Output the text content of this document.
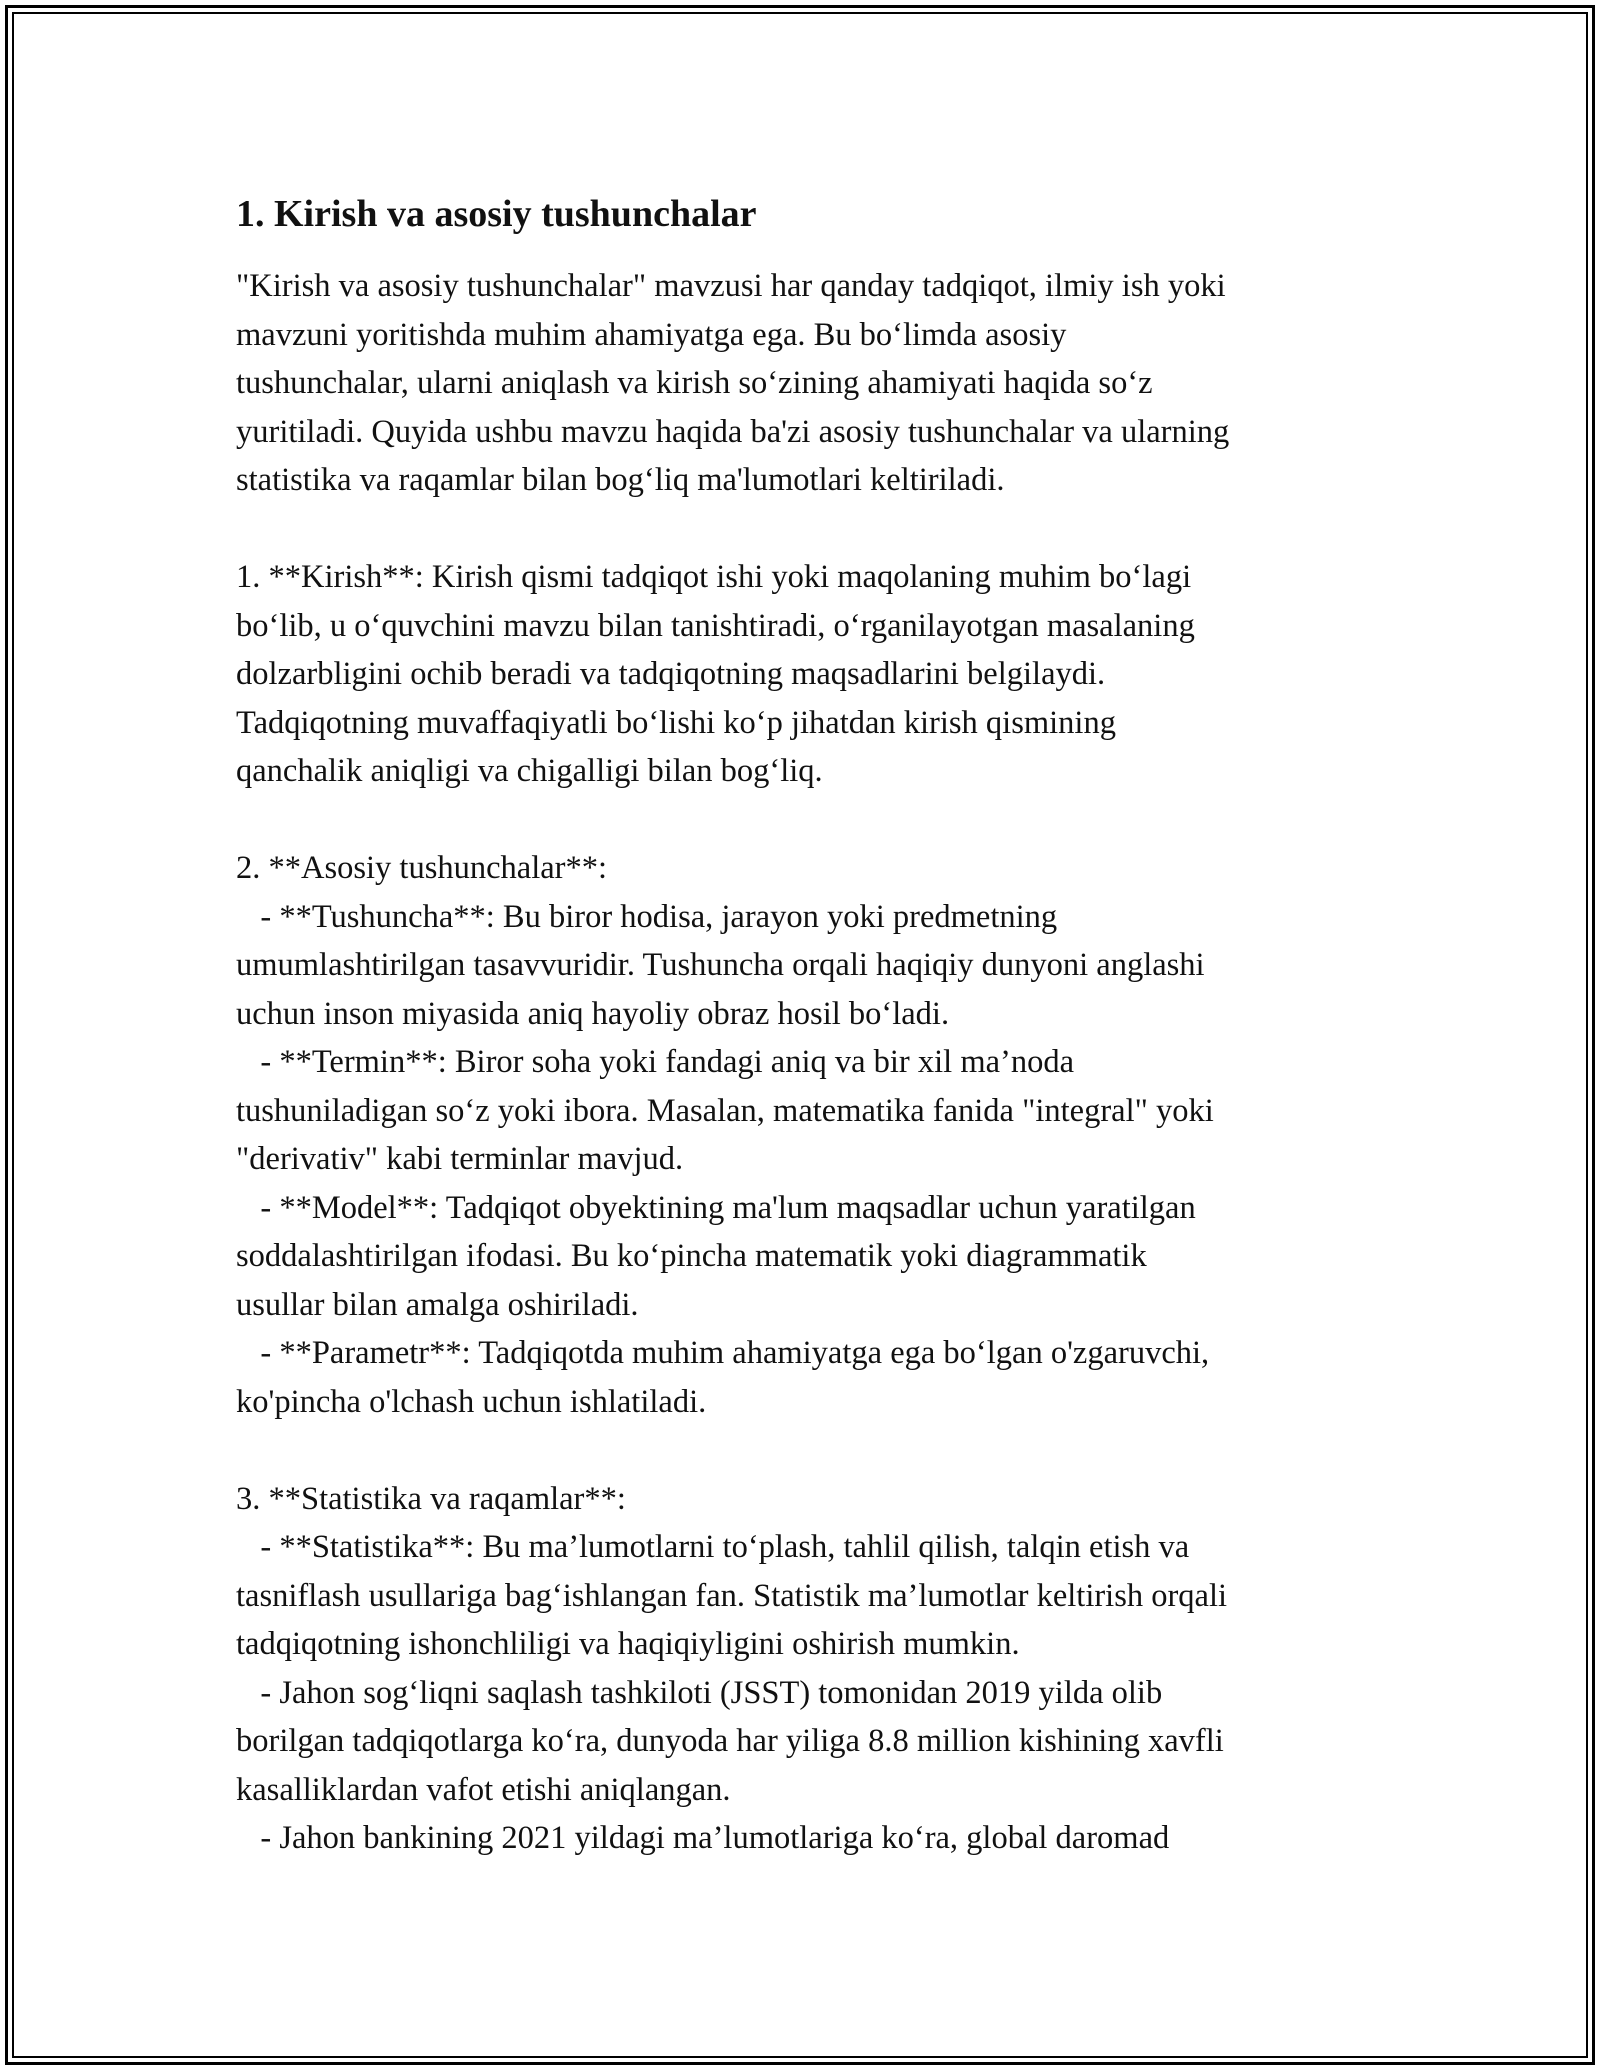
1. Kirish va asosiy tushunchalar
"Kirish va asosiy tushunchalar" mavzusi har qanday tadqiqot, ilmiy ish yoki
mavzuni yoritishda muhim ahamiyatga ega. Bu bo‘limda asosiy
tushunchalar, ularni aniqlash va kirish so‘zining ahamiyati haqida so‘z
yuritiladi. Quyida ushbu mavzu haqida ba'zi asosiy tushunchalar va ularning
statistika va raqamlar bilan bog‘liq ma'lumotlari keltiriladi.
1. **Kirish**: Kirish qismi tadqiqot ishi yoki maqolaning muhim bo‘lagi
bo‘lib, u o‘quvchini mavzu bilan tanishtiradi, o‘rganilayotgan masalaning
dolzarbligini ochib beradi va tadqiqotning maqsadlarini belgilaydi.
Tadqiqotning muvaffaqiyatli bo‘lishi ko‘p jihatdan kirish qismining
qanchalik aniqligi va chigalligi bilan bog‘liq.
2. **Asosiy tushunchalar**:
- **Tushuncha**: Bu biror hodisa, jarayon yoki predmetning
umumlashtirilgan tasavvuridir. Tushuncha orqali haqiqiy dunyoni anglashi
uchun inson miyasida aniq hayoliy obraz hosil bo‘ladi.
- **Termin**: Biror soha yoki fandagi aniq va bir xil ma’noda
tushuniladigan so‘z yoki ibora. Masalan, matematika fanida "integral" yoki
"derivativ" kabi terminlar mavjud.
- **Model**: Tadqiqot obyektining ma'lum maqsadlar uchun yaratilgan
soddalashtirilgan ifodasi. Bu ko‘pincha matematik yoki diagrammatik
usullar bilan amalga oshiriladi.
- **Parametr**: Tadqiqotda muhim ahamiyatga ega bo‘lgan o'zgaruvchi,
ko'pincha o'lchash uchun ishlatiladi.
3. **Statistika va raqamlar**:
- **Statistika**: Bu ma’lumotlarni to‘plash, tahlil qilish, talqin etish va
tasniflash usullariga bag‘ishlangan fan. Statistik ma’lumotlar keltirish orqali
tadqiqotning ishonchliligi va haqiqiyligini oshirish mumkin.
- Jahon sog‘liqni saqlash tashkiloti (JSST) tomonidan 2019 yilda olib
borilgan tadqiqotlarga ko‘ra, dunyoda har yiliga 8.8 million kishining xavfli
kasalliklardan vafot etishi aniqlangan.
- Jahon bankining 2021 yildagi ma’lumotlariga ko‘ra, global daromad
